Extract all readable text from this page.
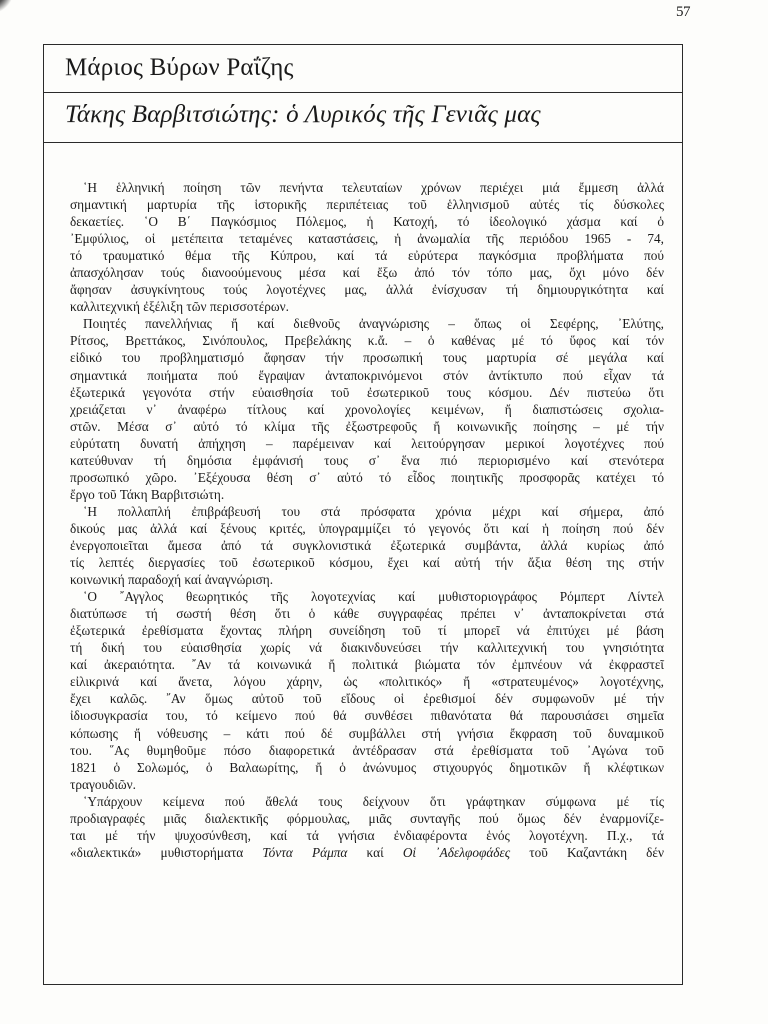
57
Μάριος Βύρων Ραΐζης
Τάκης Βαρβιτσιώτης: ὁ Λυρικός τῆς Γενιᾶς μας

῾Η ἑλληνική ποίηση τῶν πενήντα τελευταίων χρόνων περιέχει μιά ἔμμεση ἀλλά
σημαντική μαρτυρία τῆς ἱστορικῆς περιπέτειας τοῦ ἑλληνισμοῦ αὐτές τίς δύσκολες
δεκαετίες. ῾Ο Β΄ Παγκόσμιος Πόλεμος, ἡ Κατοχή, τό ἰδεολογικό χάσμα καί ὁ
᾿Εμφύλιος, οἱ μετέπειτα τεταμένες καταστάσεις, ἡ ἀνωμαλία τῆς περιόδου 1965 - 74,
τό τραυματικό θέμα τῆς Κύπρου, καί τά εὐρύτερα παγκόσμια προβλήματα πού
ἀπασχόλησαν τούς διανοούμενους μέσα καί ἔξω ἀπό τόν τόπο μας, ὄχι μόνο δέν
ἄφησαν ἀσυγκίνητους τούς λογοτέχνες μας, ἀλλά ἐνίσχυσαν τή δημιουργικότητα καί
καλλιτεχνική ἐξέλιξη τῶν περισσοτέρων.

Ποιητές πανελλήνιας ἤ καί διεθνοῦς ἀναγνώρισης – ὅπως οἱ Σεφέρης, ᾿Ελύτης,
Ρίτσος, Βρεττάκος, Σινόπουλος, Πρεβελάκης κ.ἄ. – ὁ καθένας μέ τό ὕφος καί τόν
εἰδικό του προβληματισμό ἄφησαν τήν προσωπική τους μαρτυρία σέ μεγάλα καί
σημαντικά ποιήματα πού ἔγραψαν ἀνταποκρινόμενοι στόν ἀντίκτυπο πού εἶχαν τά
ἐξωτερικά γεγονότα στήν εὐαισθησία τοῦ ἐσωτερικοῦ τους κόσμου. Δέν πιστεύω ὅτι
χρειάζεται ν᾿ ἀναφέρω τίτλους καί χρονολογίες κειμένων, ἤ διαπιστώσεις σχολια-
στῶν. Μέσα σ᾿ αὐτό τό κλίμα τῆς ἐξωστρεφοῦς ἤ κοινωνικῆς ποίησης – μέ τήν
εὐρύτατη δυνατή ἀπήχηση – παρέμειναν καί λειτούργησαν μερικοί λογοτέχνες πού
κατεύθυναν τή δημόσια ἐμφάνισή τους σ᾿ ἕνα πιό περιορισμένο καί στενότερα
προσωπικό χῶρο. ᾿Εξέχουσα θέση σ᾿ αὐτό τό εἶδος ποιητικῆς προσφορᾶς κατέχει τό
ἔργο τοῦ Τάκη Βαρβιτσιώτη.

῾Η πολλαπλή ἐπιβράβευσή του στά πρόσφατα χρόνια μέχρι καί σήμερα, ἀπό
δικούς μας ἀλλά καί ξένους κριτές, ὑπογραμμίζει τό γεγονός ὅτι καί ἡ ποίηση πού δέν
ἐνεργοποιεῖται ἄμεσα ἀπό τά συγκλονιστικά ἐξωτερικά συμβάντα, ἀλλά κυρίως ἀπό
τίς λεπτές διεργασίες τοῦ ἐσωτερικοῦ κόσμου, ἔχει καί αὐτή τήν ἄξια θέση της στήν
κοινωνική παραδοχή καί ἀναγνώριση.

῾Ο ῎Αγγλος θεωρητικός τῆς λογοτεχνίας καί μυθιστοριογράφος Ρόμπερτ Λίντελ
διατύπωσε τή σωστή θέση ὅτι ὁ κάθε συγγραφέας πρέπει ν᾿ ἀνταποκρίνεται στά
ἐξωτερικά ἐρεθίσματα ἔχοντας πλήρη συνείδηση τοῦ τί μπορεῖ νά ἐπιτύχει μέ βάση
τή δική του εὐαισθησία χωρίς νά διακινδυνεύσει τήν καλλιτεχνική του γνησιότητα
καί ἀκεραιότητα. ῎Αν τά κοινωνικά ἤ πολιτικά βιώματα τόν ἐμπνέουν νά ἐκφραστεῖ
εἰλικρινά καί ἄνετα, λόγου χάρην, ὡς «πολιτικός» ἤ «στρατευμένος» λογοτέχνης,
ἔχει καλῶς. ῎Αν ὅμως αὐτοῦ τοῦ εἴδους οἱ ἐρεθισμοί δέν συμφωνοῦν μέ τήν
ἰδιοσυγκρασία του, τό κείμενο πού θά συνθέσει πιθανότατα θά παρουσιάσει σημεῖα
κόπωσης ἤ νόθευσης – κάτι πού δέ συμβάλλει στή γνήσια ἔκφραση τοῦ δυναμικοῦ
του. ῞Ας θυμηθοῦμε πόσο διαφορετικά ἀντέδρασαν στά ἐρεθίσματα τοῦ ᾿Αγώνα τοῦ
1821 ὁ Σολωμός, ὁ Βαλαωρίτης, ἤ ὁ ἀνώνυμος στιχουργός δημοτικῶν ἤ κλέφτικων
τραγουδιῶν.

῾Υπάρχουν κείμενα πού ἄθελά τους δείχνουν ὅτι γράφτηκαν σύμφωνα μέ τίς
προδιαγραφές μιᾶς διαλεκτικῆς φόρμουλας, μιᾶς συνταγῆς πού ὅμως δέν ἐναρμονίζε-
ται μέ τήν ψυχοσύνθεση, καί τά γνήσια ἐνδιαφέροντα ἑνός λογοτέχνη. Π.χ., τά
«διαλεκτικά» μυθιστορήματα Τόντα Ράμπα καί Οἱ ᾿Αδελφοφάδες τοῦ Καζαντάκη δέν
